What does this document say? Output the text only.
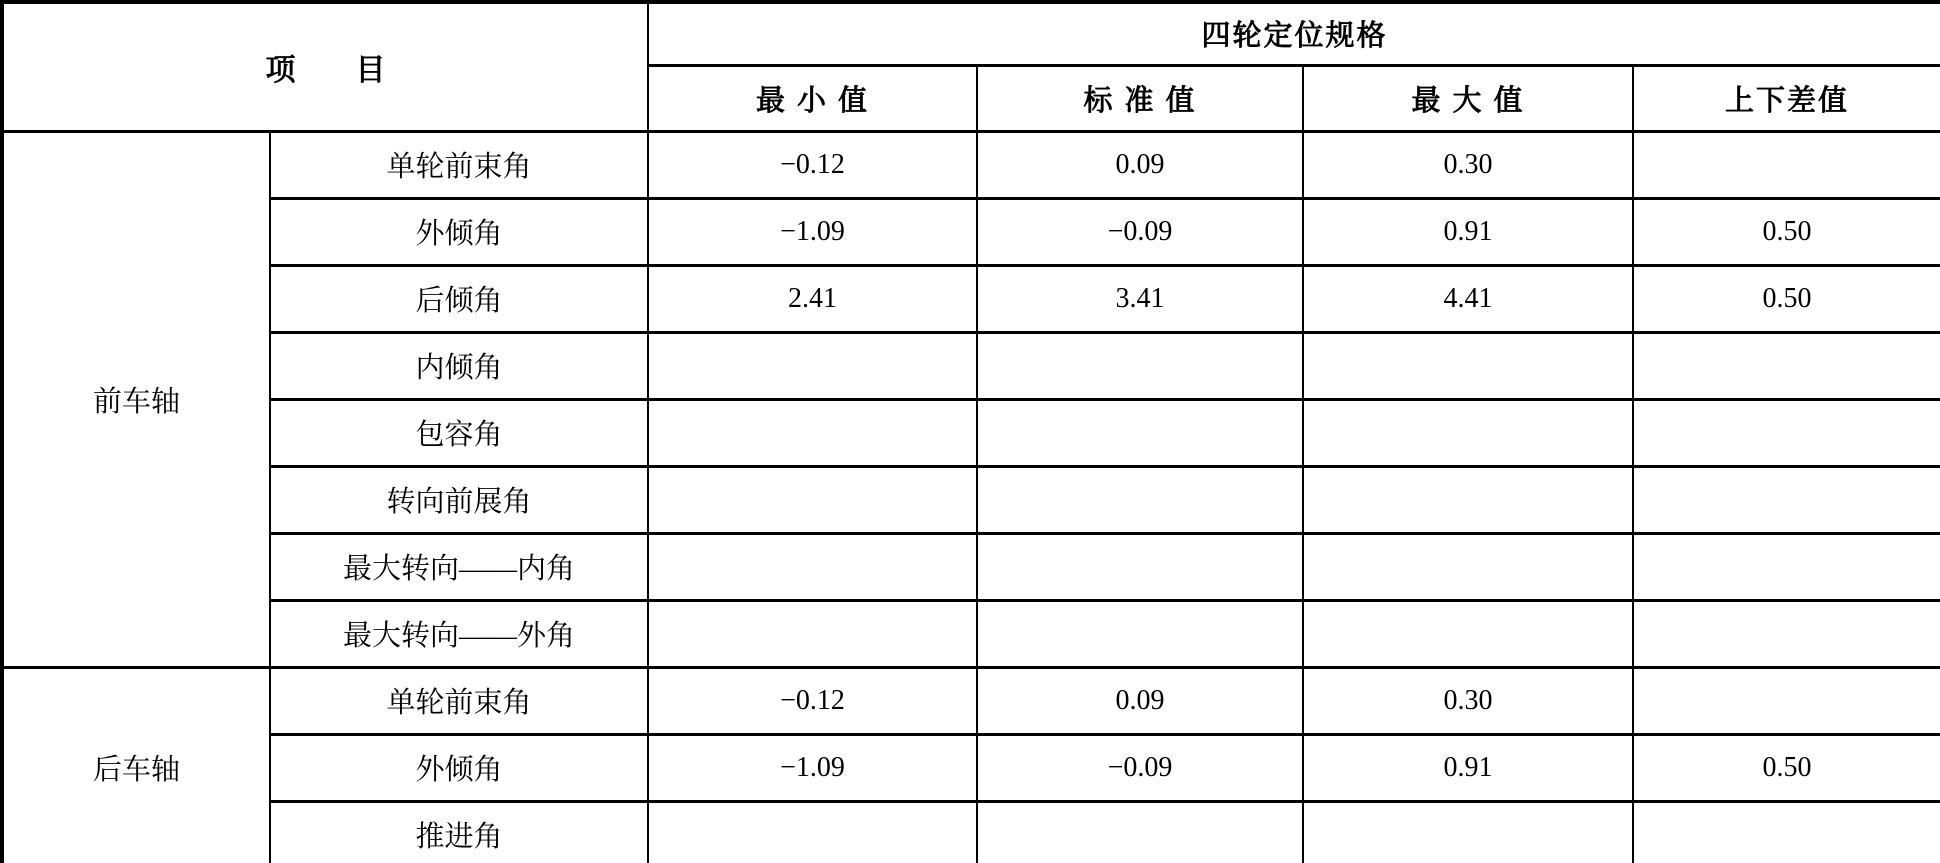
项　　目		四轮定位规格			
		最 小 值	标 准 值	最 大 值	上下差值
前车轴	单轮前束角	−0.12	0.09	0.30	
	外倾角	−1.09	−0.09	0.91	0.50
	后倾角	2.41	3.41	4.41	0.50
	内倾角				
	包容角				
	转向前展角				
	最大转向——内角				
	最大转向——外角				
后车轴	单轮前束角	−0.12	0.09	0.30	
	外倾角	−1.09	−0.09	0.91	0.50
	推进角				
